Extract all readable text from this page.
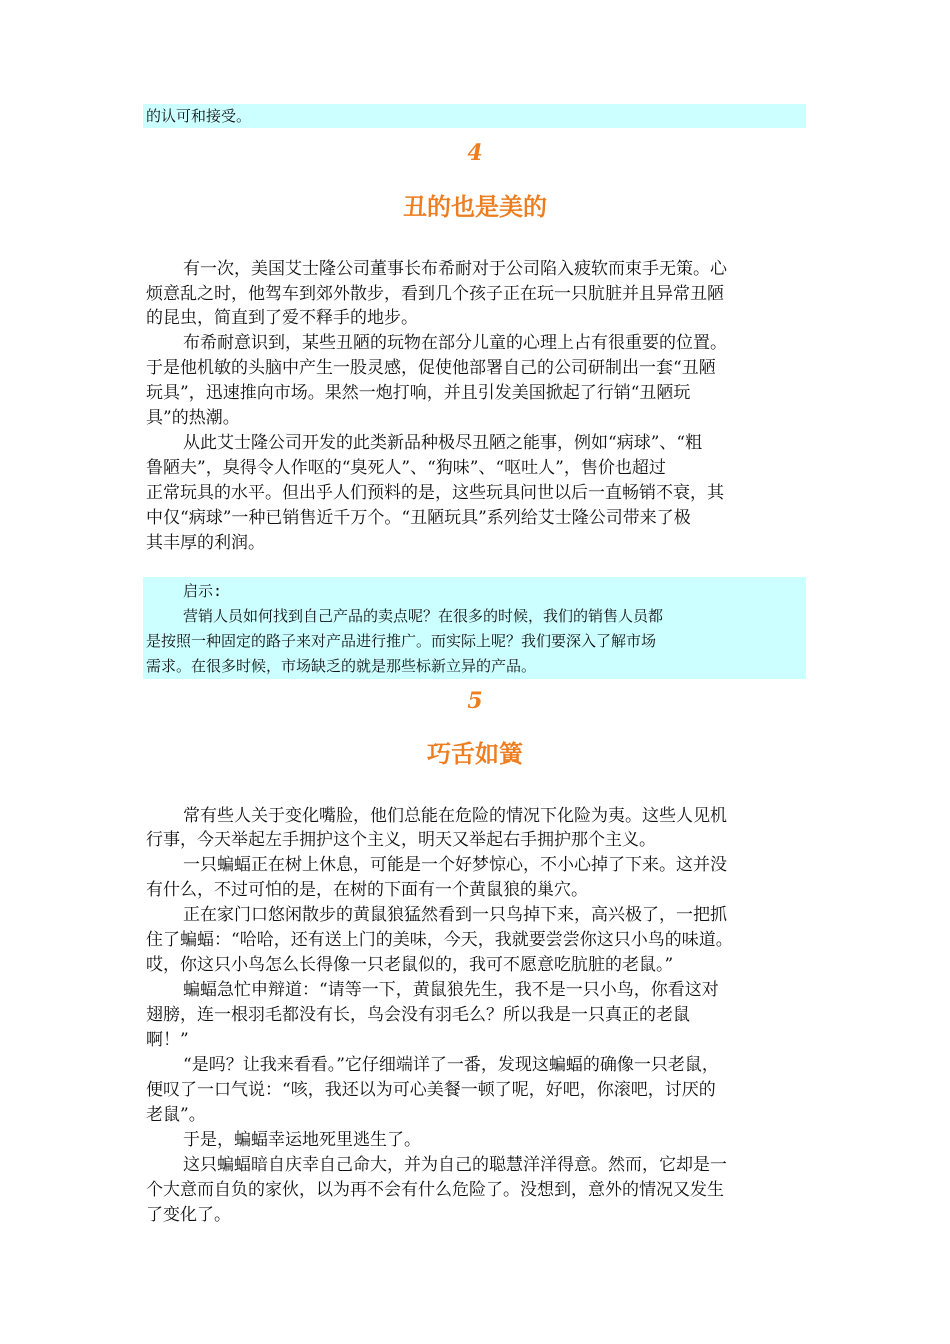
的认可和接受。
4
丑的也是美的
有一次，美国艾士隆公司董事长布希耐对于公司陷入疲软而束手无策。心
烦意乱之时，他驾车到郊外散步，看到几个孩子正在玩一只肮脏并且异常丑陋
的昆虫，简直到了爱不释手的地步。
布希耐意识到，某些丑陋的玩物在部分儿童的心理上占有很重要的位置。
于是他机敏的头脑中产生一股灵感，促使他部署自己的公司研制出一套“丑陋
玩具”，迅速推向市场。果然一炮打响，并且引发美国掀起了行销“丑陋玩
具”的热潮。
从此艾士隆公司开发的此类新品种极尽丑陋之能事，例如“病球”、“粗
鲁陋夫”，臭得令人作呕的“臭死人”、“狗味”、“呕吐人”，售价也超过
正常玩具的水平。但出乎人们预料的是，这些玩具问世以后一直畅销不衰，其
中仅“病球”一种已销售近千万个。“丑陋玩具”系列给艾士隆公司带来了极
其丰厚的利润。
启示:
营销人员如何找到自己产品的卖点呢？在很多的时候，我们的销售人员都
是按照一种固定的路子来对产品进行推广。而实际上呢？我们要深入了解市场
需求。在很多时候，市场缺乏的就是那些标新立异的产品。
5
巧舌如簧
常有些人关于变化嘴脸，他们总能在危险的情况下化险为夷。这些人见机
行事，今天举起左手拥护这个主义，明天又举起右手拥护那个主义。
一只蝙蝠正在树上休息，可能是一个好梦惊心，不小心掉了下来。这并没
有什么，不过可怕的是，在树的下面有一个黄鼠狼的巢穴。
正在家门口悠闲散步的黄鼠狼猛然看到一只鸟掉下来，高兴极了，一把抓
住了蝙蝠：“哈哈，还有送上门的美味，今天，我就要尝尝你这只小鸟的味道。
哎，你这只小鸟怎么长得像一只老鼠似的，我可不愿意吃肮脏的老鼠。”
蝙蝠急忙申辩道：“请等一下，黄鼠狼先生，我不是一只小鸟，你看这对
翅膀，连一根羽毛都没有长，鸟会没有羽毛么？所以我是一只真正的老鼠
啊！”
“是吗？让我来看看。”它仔细端详了一番，发现这蝙蝠的确像一只老鼠，
便叹了一口气说：“咳，我还以为可心美餐一顿了呢，好吧，你滚吧，讨厌的
老鼠”。
于是，蝙蝠幸运地死里逃生了。
这只蝙蝠暗自庆幸自己命大，并为自己的聪慧洋洋得意。然而，它却是一
个大意而自负的家伙，以为再不会有什么危险了。没想到，意外的情况又发生
了变化了。
